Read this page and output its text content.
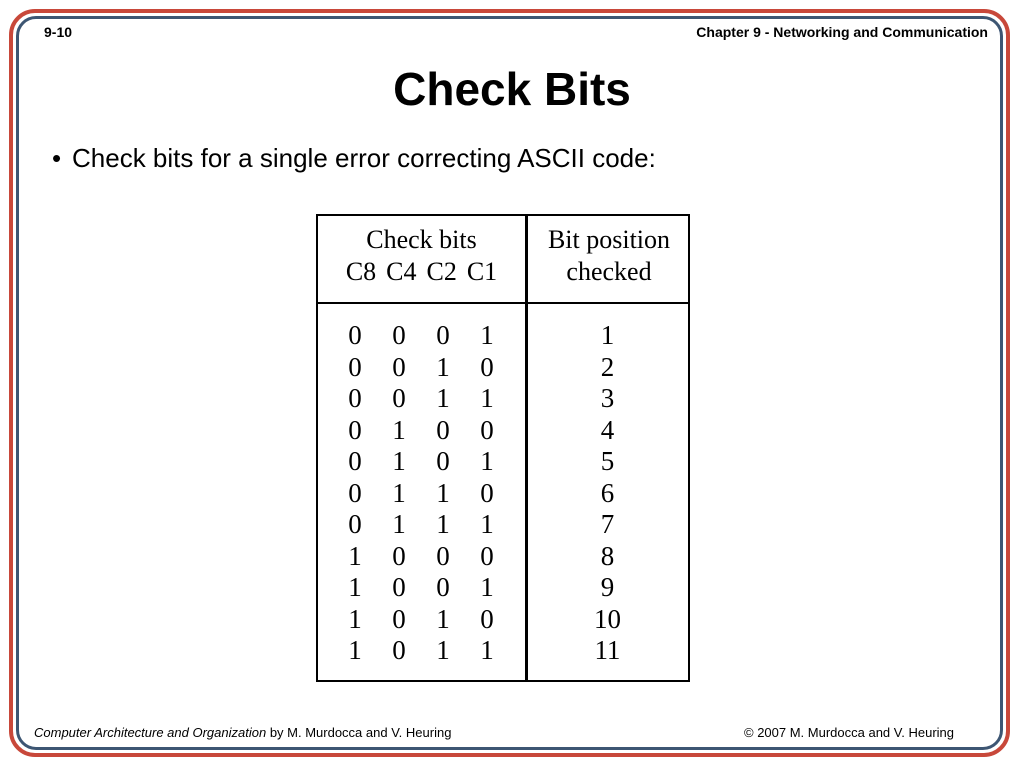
9-10	Chapter 9 - Networking and Communication
Check Bits
• Check bits for a single error correcting ASCII code:
Check bits
C8 C4 C2 C1
Bit position
checked
0	0	0	1	1
0	0	1	0	2
0	0	1	1	3
0	1	0	0	4
0	1	0	1	5
0	1	1	0	6
0	1	1	1	7
1	0	0	0	8
1	0	0	1	9
1	0	1	0	10
1	0	1	1	11
Computer Architecture and Organization by M. Murdocca and V. Heuring	© 2007 M. Murdocca and V. Heuring
